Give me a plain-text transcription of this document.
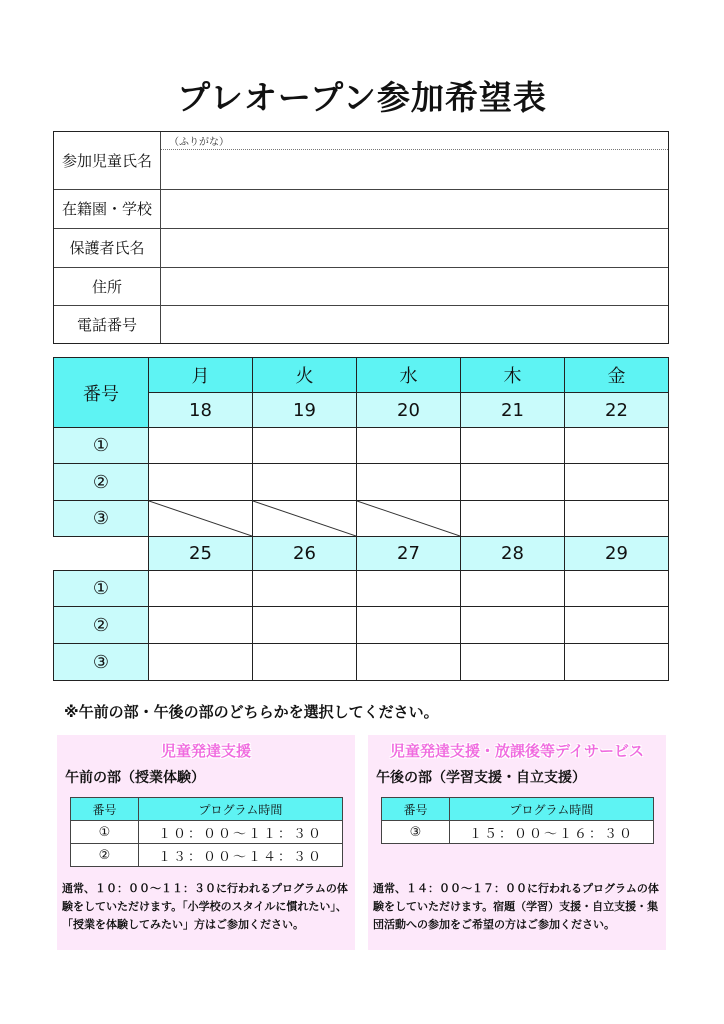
プレオープン参加希望表
参加児童氏名
（ふりがな）
在籍園・学校
保護者氏名
住所
電話番号
番号	月	火	水	木	金
	18	19	20	21	22
①					
②					
③	

	25	26	27	28	29
①					
②					
③					
※午前の部・午後の部のどちらかを選択してください。
児童発達支援
午前の部（授業体験）
番号	プログラム時間
①	１０：００〜１１：３０
②	１３：００〜１４：３０
通常、１０：００〜１１：３０に行われるプログラムの体験をしていただけます。「小学校のスタイルに慣れたい」、「授業を体験してみたい」方はご参加ください。
児童発達支援・放課後等デイサービス
午後の部（学習支援・自立支援）
番号	プログラム時間
③	１５：００〜１６：３０
通常、１４：００〜１７：００に行われるプログラムの体験をしていただけます。宿題（学習）支援・自立支援・集団活動への参加をご希望の方はご参加ください。
